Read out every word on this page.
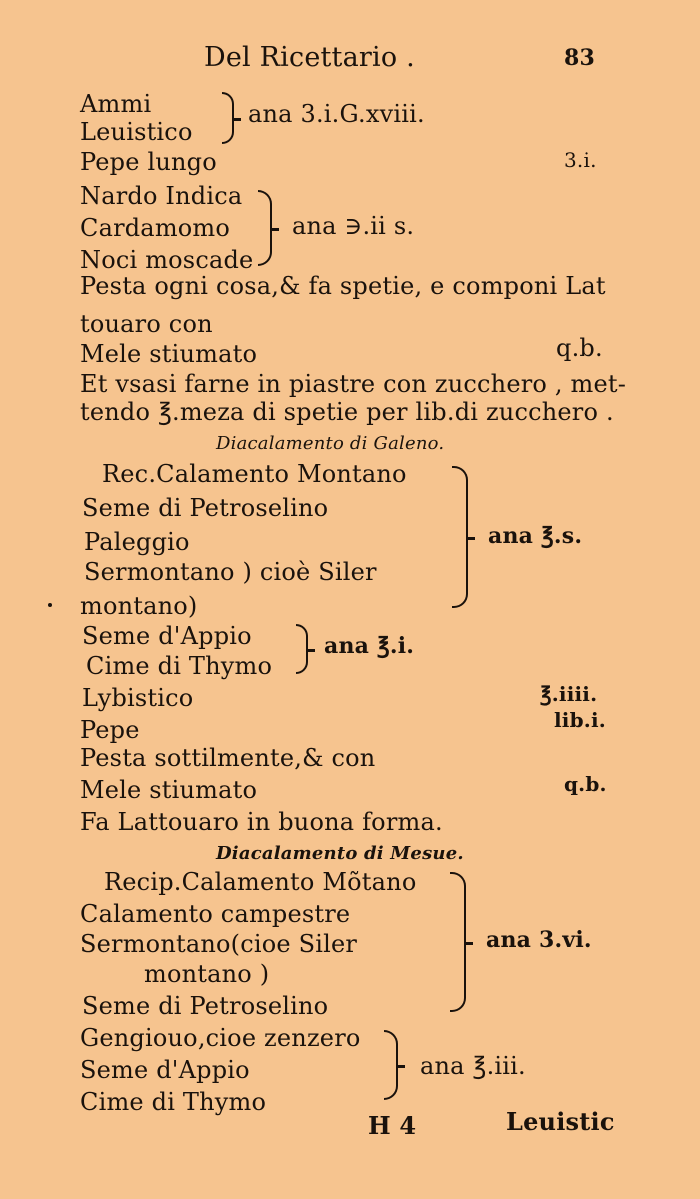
Del Ricettario .	83
Ammi
Leuistico
ana 3.i.G.xviii.
Pepe lungo	3.i.
Nardo Indica
Cardamomo
Noci moscade
ana ∋.ii s.
Pesta ogni cosa,& fa spetie, e componi Lat
touaro con
Mele stiumato	q.b.
Et vsasi farne in piastre con zucchero , met-
tendo ℥.meza di spetie per lib.di zucchero .
Diacalamento di Galeno.
Rec.Calamento Montano
Seme di Petroselino
Paleggio
Sermontano ) cioè Siler
montano)
ana ℥.s.
Seme d'Appio
Cime di Thymo
ana ℥.i.
Lybistico	℥.iiii.
Pepe	lib.i.
Pesta sottilmente,& con
Mele stiumato	q.b.
Fa Lattouaro in buona forma.
Diacalamento di Mesue.
Recip.Calamento Mõtano
Calamento campestre
Sermontano(cioe Siler
montano )
Seme di Petroselino
ana 3.vi.
Gengiouo,cioe zenzero
Seme d'Appio
Cime di Thymo
ana ℥.iii.
H 4	Leuistic
